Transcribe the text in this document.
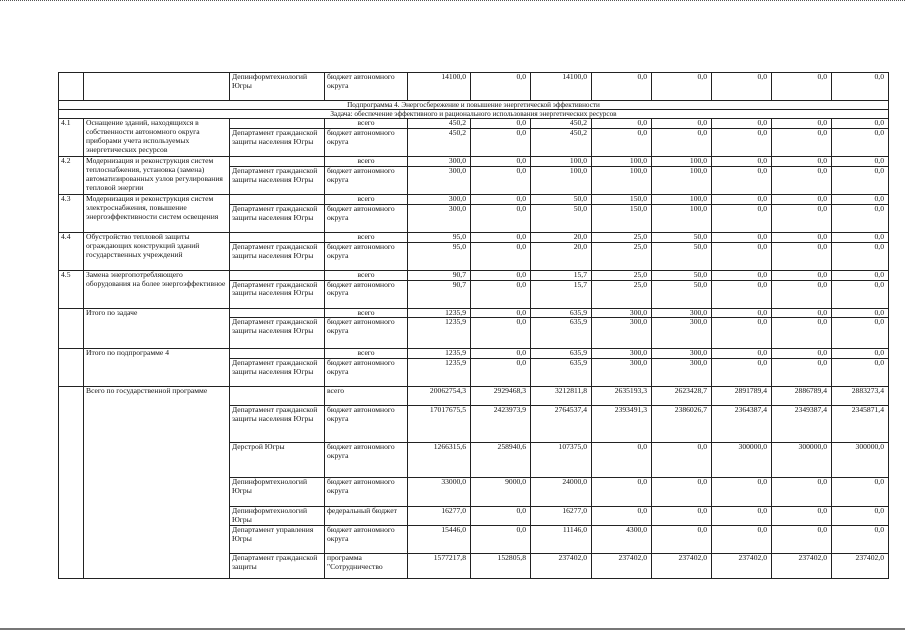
		Депинформтехнологий Югры	бюджет автономного округа	14100,0	0,0	14100,0	0,0	0,0	0,0	0,0	0,0
Подпрограмма 4. Энергосбережение и повышение энергетической эффективности											
Задача: обеспечение эффективного и рационального использования энергетических ресурсов											
4.1	Оснащение зданий, находящихся в собственности автономного округа приборами учета используемых энергетических ресурсов		всего	450,2	0,0	450,2	0,0	0,0	0,0	0,0	0,0
		Департамент гражданской защиты населения Югры	бюджет автономного округа	450,2	0,0	450,2	0,0	0,0	0,0	0,0	0,0
4.2	Модернизация и реконструкция систем теплоснабжения, установка (замена) автоматизированных узлов регулирования тепловой энергии		всего	300,0	0,0	100,0	100,0	100,0	0,0	0,0	0,0
		Департамент гражданской защиты населения Югры	бюджет автономного округа	300,0	0,0	100,0	100,0	100,0	0,0	0,0	0,0
4.3	Модернизация и реконструкция систем электроснабжения, повышение энергоэффективности систем освещения		всего	300,0	0,0	50,0	150,0	100,0	0,0	0,0	0,0
		Департамент гражданской защиты населения Югры	бюджет автономного округа	300,0	0,0	50,0	150,0	100,0	0,0	0,0	0,0
4.4	Обустройство тепловой защиты ограждающих конструкций зданий государственных учреждений		всего	95,0	0,0	20,0	25,0	50,0	0,0	0,0	0,0
		Департамент гражданской защиты населения Югры	бюджет автономного округа	95,0	0,0	20,0	25,0	50,0	0,0	0,0	0,0
4.5	Замена энергопотребляющего оборудования на более энергоэффективное		всего	90,7	0,0	15,7	25,0	50,0	0,0	0,0	0,0
		Департамент гражданской защиты населения Югры	бюджет автономного округа	90,7	0,0	15,7	25,0	50,0	0,0	0,0	0,0
	Итого по задаче		всего	1235,9	0,0	635,9	300,0	300,0	0,0	0,0	0,0
		Департамент гражданской защиты населения Югры	бюджет автономного округа	1235,9	0,0	635,9	300,0	300,0	0,0	0,0	0,0
	Итого по подпрограмме 4		всего	1235,9	0,0	635,9	300,0	300,0	0,0	0,0	0,0
		Департамент гражданской защиты населения Югры	бюджет автономного округа	1235,9	0,0	635,9	300,0	300,0	0,0	0,0	0,0
	Всего по государственной программе		всего	20062754,3	2929468,3	3212811,8	2635193,3	2623428,7	2891789,4	2886789,4	2883273,4
		Департамент гражданской защиты населения Югры	бюджет автономного округа	17017675,5	2423973,9	2764537,4	2393491,3	2386026,7	2364387,4	2349387,4	2345871,4
		Дерстрой Югры	бюджет автономного округа	1266315,6	258940,6	107375,0	0,0	0,0	300000,0	300000,0	300000,0
		Депинформтехнологий Югры	бюджет автономного округа	33000,0	9000,0	24000,0	0,0	0,0	0,0	0,0	0,0
		Депинформтехнологий Югры	федеральный бюджет	16277,0	0,0	16277,0	0,0	0,0	0,0	0,0	0,0
		Департамент управления Югры	бюджет автономного округа	15446,0	0,0	11146,0	4300,0	0,0	0,0	0,0	0,0
		Департамент гражданской защиты	программа "Сотрудничество	1577217,8	152805,8	237402,0	237402,0	237402,0	237402,0	237402,0	237402,0
